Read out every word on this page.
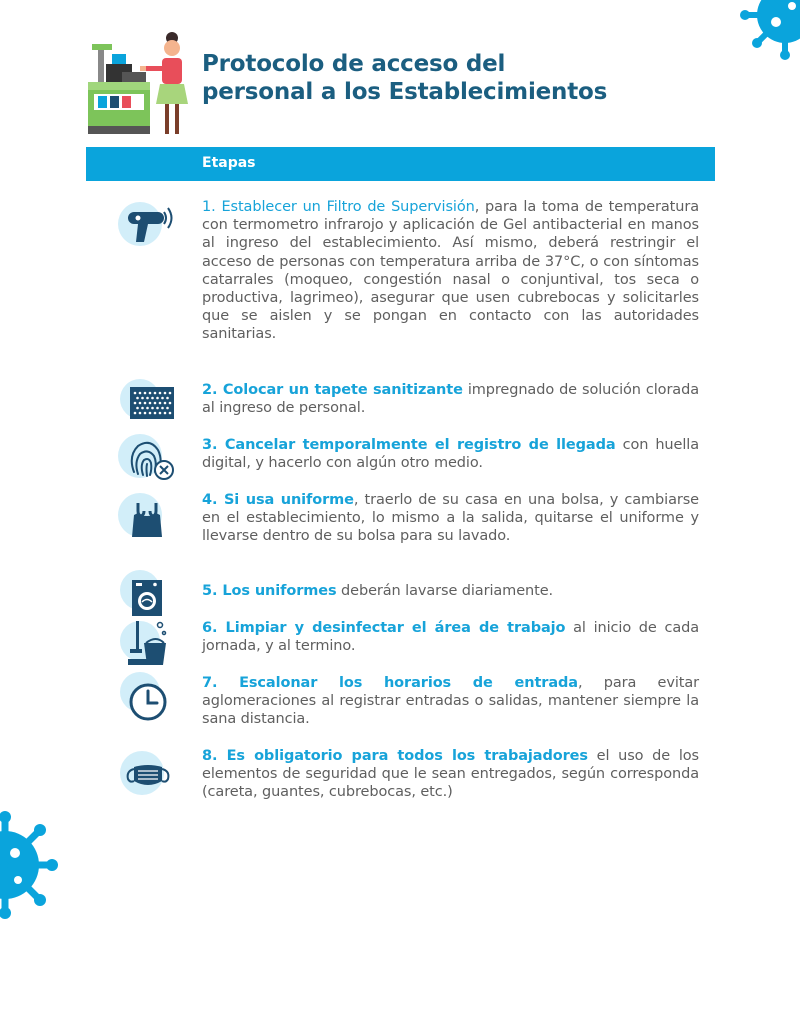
Protocolo de acceso del
personal a los Establecimientos
Etapas

1. Establecer un Filtro de Supervisión, para la toma de temperatura con termometro infrarojo y aplicación de Gel antibacterial en manos al ingreso del establecimiento. Así mismo, deberá restringir el acceso de personas con temperatura arriba de 37°C, o con síntomas catarrales (moqueo, congestión nasal o conjuntival, tos seca o productiva, lagrimeo), asegurar que usen cubrebocas y solicitarles que se aislen y se pongan en contacto con las autoridades sanitarias.

2. Colocar un tapete sanitizante impregnado de solución clorada al ingreso de personal.

3. Cancelar temporalmente el registro de llegada con huella digital, y hacerlo con algún otro medio.

4. Si usa uniforme, traerlo de su casa en una bolsa, y cambiarse en el establecimiento, lo mismo a la salida, quitarse el uniforme y llevarse dentro de su bolsa para su lavado.

5. Los uniformes deberán lavarse diariamente.

6. Limpiar y desinfectar el área de trabajo al inicio de cada jornada, y al termino.

7. Escalonar los horarios de entrada, para evitar aglomeraciones al registrar entradas o salidas, mantener siempre la sana distancia.

8. Es obligatorio para todos los trabajadores el uso de los elementos de seguridad que le sean entregados, según corresponda (careta, guantes, cubrebocas, etc.)
